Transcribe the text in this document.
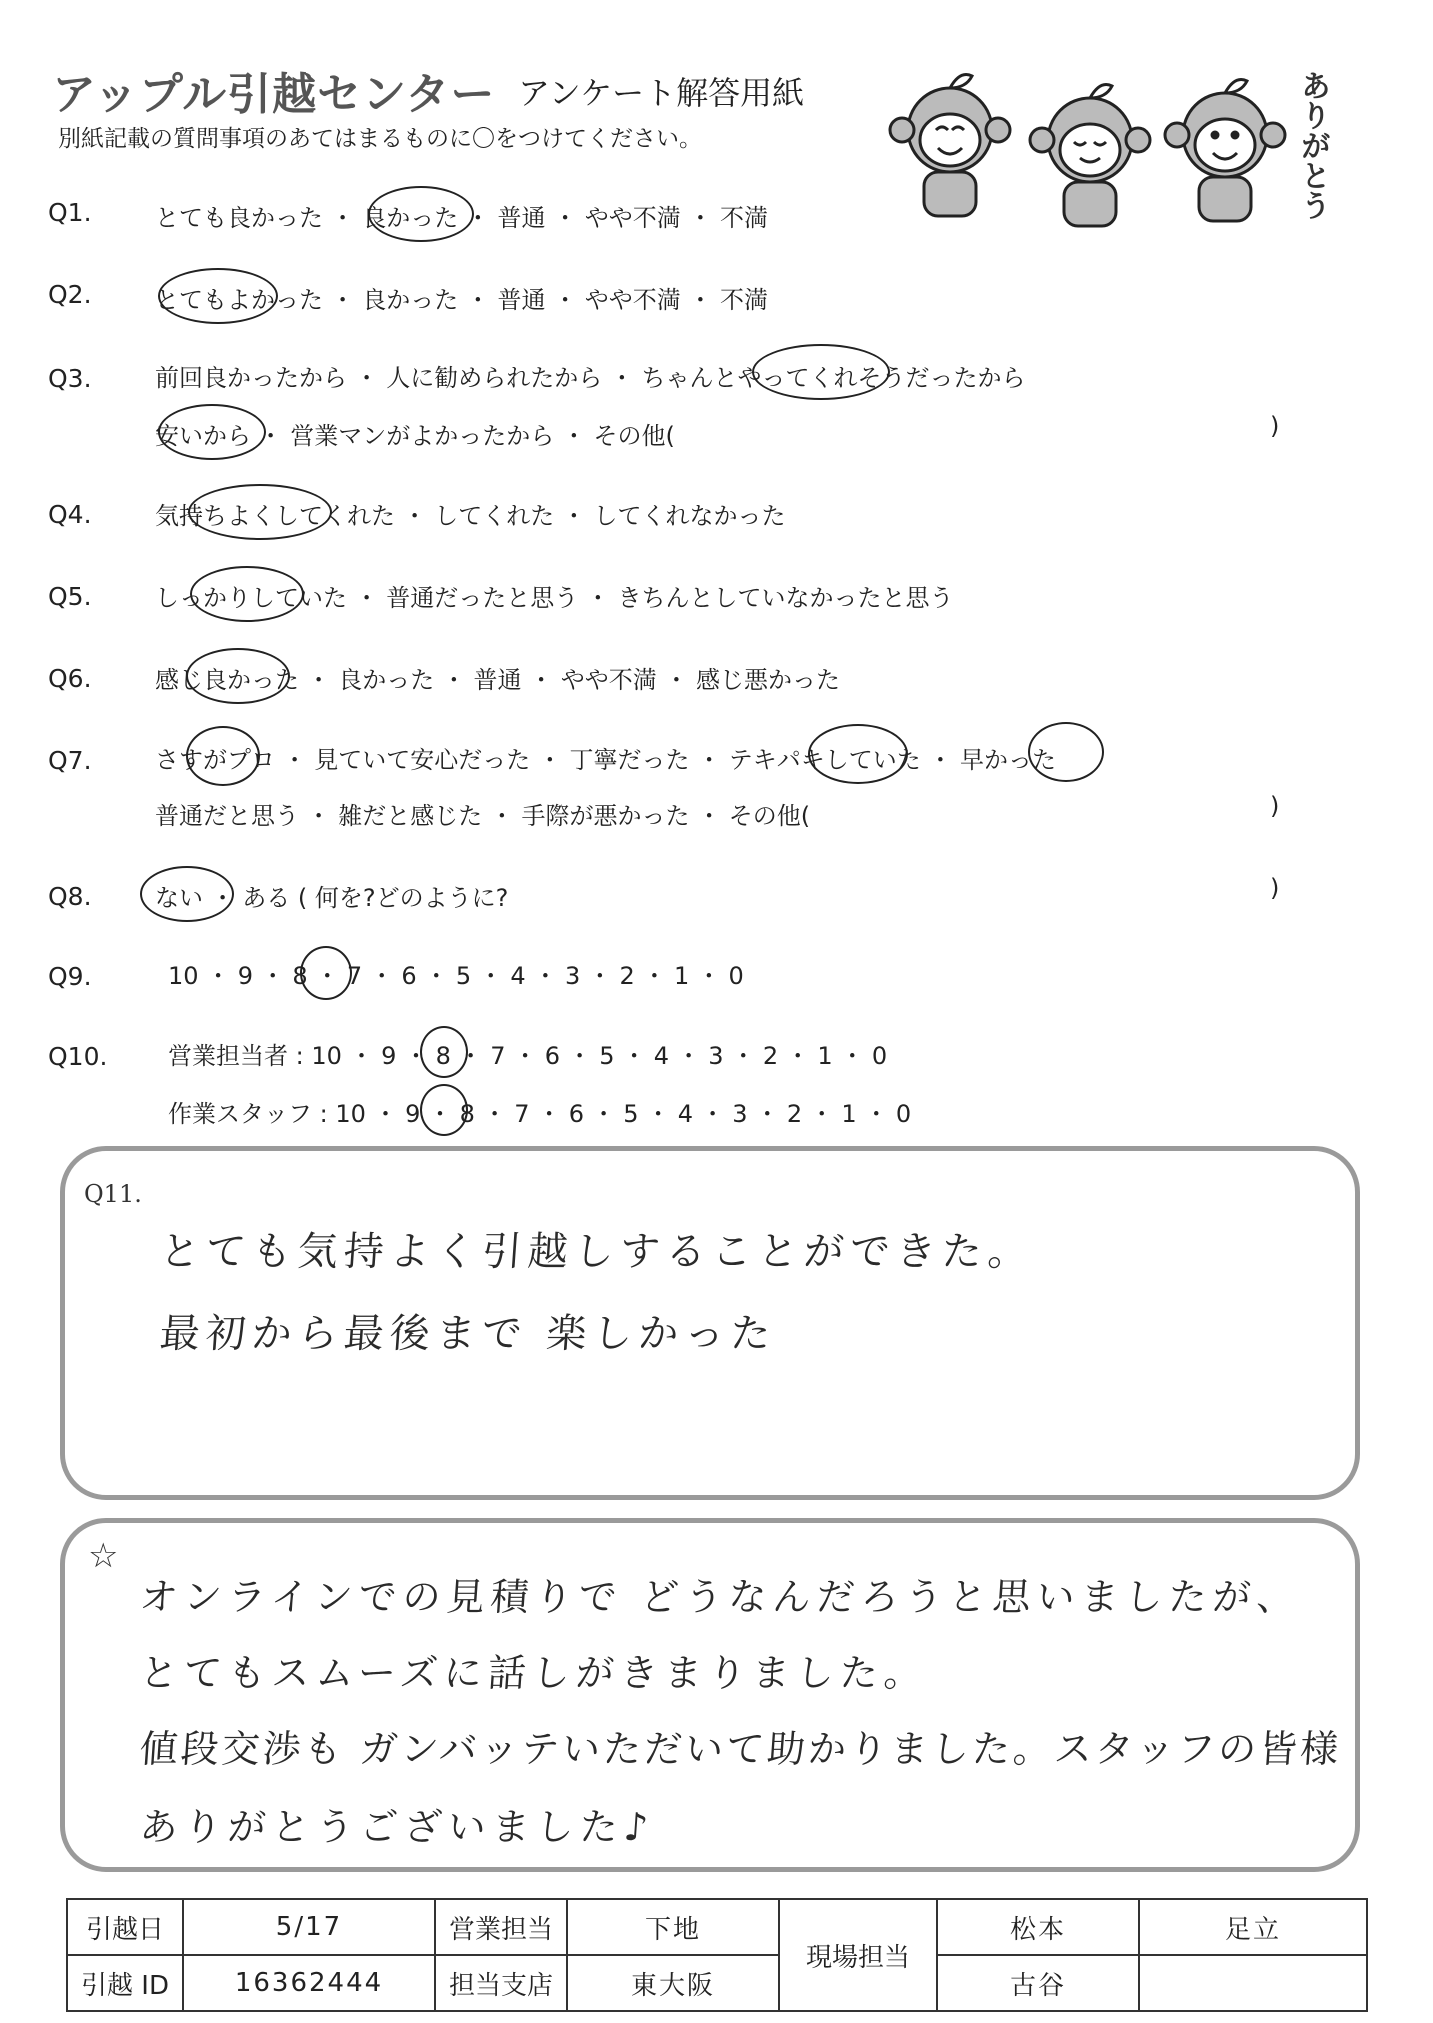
アップル引越センター アンケート解答用紙
別紙記載の質問事項のあてはまるものに〇をつけてください。	ありがとう
Q1.	とても良かった ・ 良かった ・ 普通 ・ やや不満 ・ 不満
Q2.	とてもよかった ・ 良かった ・ 普通 ・ やや不満 ・ 不満
Q3.	前回良かったから ・ 人に勧められたから ・ ちゃんとやってくれそうだったから
安いから ・ 営業マンがよかったから ・ その他(	)
Q4.	気持ちよくしてくれた ・ してくれた ・ してくれなかった
Q5.	しっかりしていた ・ 普通だったと思う ・ きちんとしていなかったと思う
Q6.	感じ良かった ・ 良かった ・ 普通 ・ やや不満 ・ 感じ悪かった
Q7.	さすがプロ ・ 見ていて安心だった ・ 丁寧だった ・ テキパキしていた ・ 早かった
普通だと思う ・ 雑だと感じた ・ 手際が悪かった ・ その他(	)
Q8.	ない ・ ある ( 何を?どのように?	)
Q9.	10 ・ 9 ・ 8 ・ 7 ・ 6 ・ 5 ・ 4 ・ 3 ・ 2 ・ 1 ・ 0
Q10.	営業担当者 : 10 ・ 9 ・ 8 ・ 7 ・ 6 ・ 5 ・ 4 ・ 3 ・ 2 ・ 1 ・ 0
作業スタッフ : 10 ・ 9 ・ 8 ・ 7 ・ 6 ・ 5 ・ 4 ・ 3 ・ 2 ・ 1 ・ 0
Q11.
とても気持よく引越しすることができた。
最初から最後まで 楽しかった
☆
オンラインでの見積りで どうなんだろうと思いましたが、
とてもスムーズに話しがきまりました。
値段交渉も ガンバッテいただいて助かりました。スタッフの皆様
ありがとうございました♪
引越日	5/17	営業担当	下地	現場担当	松本	足立
引越 ID	16362444	担当支店	東大阪		古谷	
